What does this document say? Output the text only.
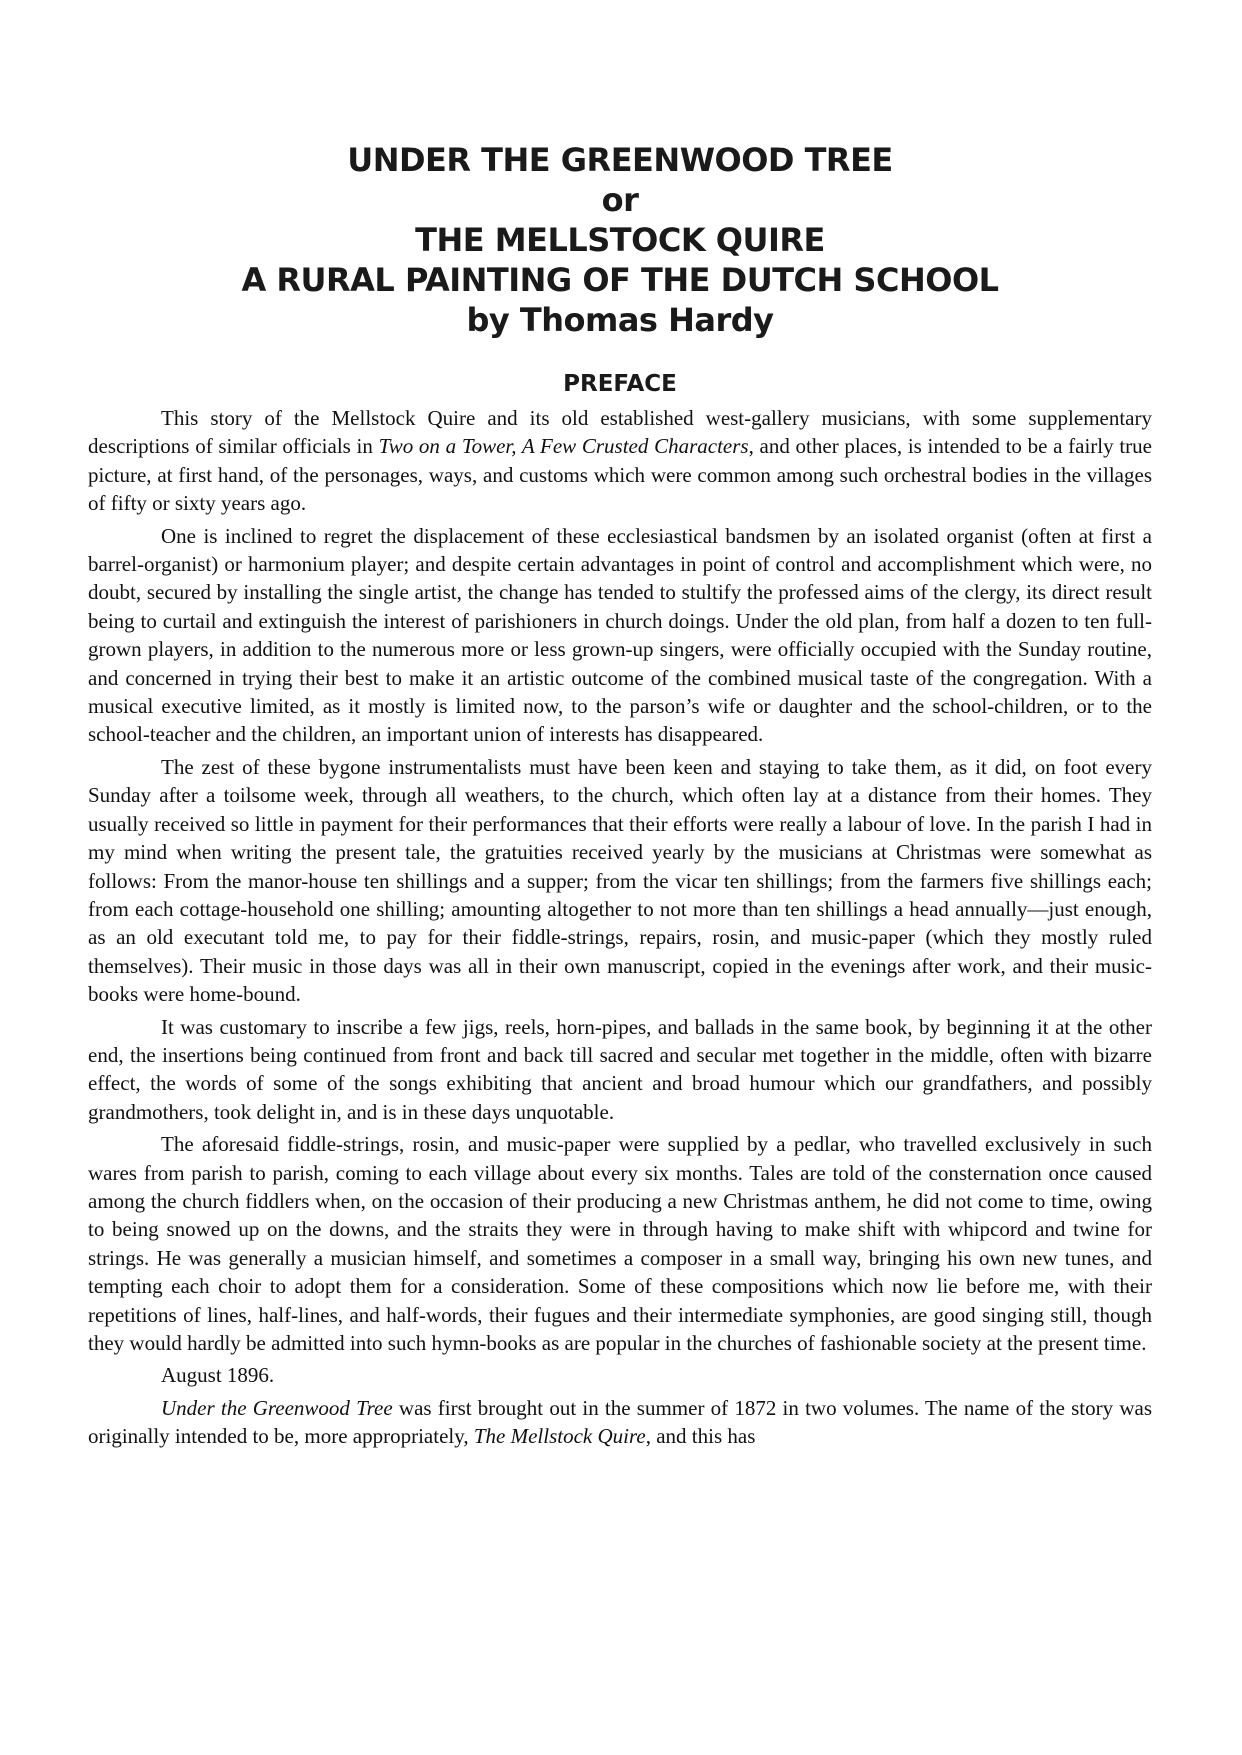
UNDER THE GREENWOOD TREE

or

THE MELLSTOCK QUIRE

A RURAL PAINTING OF THE DUTCH SCHOOL

by Thomas Hardy

PREFACE

This story of the Mellstock Quire and its old established west-gallery musicians, with some supplementary descriptions of similar officials in Two on a Tower, A Few Crusted Characters, and other places, is intended to be a fairly true picture, at first hand, of the personages, ways, and customs which were common among such orchestral bodies in the villages of fifty or sixty years ago.

One is inclined to regret the displacement of these ecclesiastical bandsmen by an isolated organist (often at first a barrel-organist) or harmonium player; and despite certain advantages in point of control and accomplishment which were, no doubt, secured by installing the single artist, the change has tended to stultify the professed aims of the clergy, its direct result being to curtail and extinguish the interest of parishioners in church doings. Under the old plan, from half a dozen to ten full-grown players, in addition to the numerous more or less grown-up singers, were officially occupied with the Sunday routine, and concerned in trying their best to make it an artistic outcome of the combined musical taste of the congregation. With a musical executive limited, as it mostly is limited now, to the parson’s wife or daughter and the school-children, or to the school-teacher and the children, an important union of interests has disappeared.

The zest of these bygone instrumentalists must have been keen and staying to take them, as it did, on foot every Sunday after a toilsome week, through all weathers, to the church, which often lay at a distance from their homes. They usually received so little in payment for their performances that their efforts were really a labour of love. In the parish I had in my mind when writing the present tale, the gratuities received yearly by the musicians at Christmas were somewhat as follows: From the manor-house ten shillings and a supper; from the vicar ten shillings; from the farmers five shillings each; from each cottage-household one shilling; amounting altogether to not more than ten shillings a head annually—just enough, as an old executant told me, to pay for their fiddle-strings, repairs, rosin, and music-paper (which they mostly ruled themselves). Their music in those days was all in their own manuscript, copied in the evenings after work, and their music-books were home-bound.

It was customary to inscribe a few jigs, reels, horn-pipes, and ballads in the same book, by beginning it at the other end, the insertions being continued from front and back till sacred and secular met together in the middle, often with bizarre effect, the words of some of the songs exhibiting that ancient and broad humour which our grandfathers, and possibly grandmothers, took delight in, and is in these days unquotable.

The aforesaid fiddle-strings, rosin, and music-paper were supplied by a pedlar, who travelled exclusively in such wares from parish to parish, coming to each village about every six months. Tales are told of the consternation once caused among the church fiddlers when, on the occasion of their producing a new Christmas anthem, he did not come to time, owing to being snowed up on the downs, and the straits they were in through having to make shift with whipcord and twine for strings. He was generally a musician himself, and sometimes a composer in a small way, bringing his own new tunes, and tempting each choir to adopt them for a consideration. Some of these compositions which now lie before me, with their repetitions of lines, half-lines, and half-words, their fugues and their intermediate symphonies, are good singing still, though they would hardly be admitted into such hymn-books as are popular in the churches of fashionable society at the present time.

August 1896.

Under the Greenwood Tree was first brought out in the summer of 1872 in two volumes. The name of the story was originally intended to be, more appropriately, The Mellstock Quire, and this has
